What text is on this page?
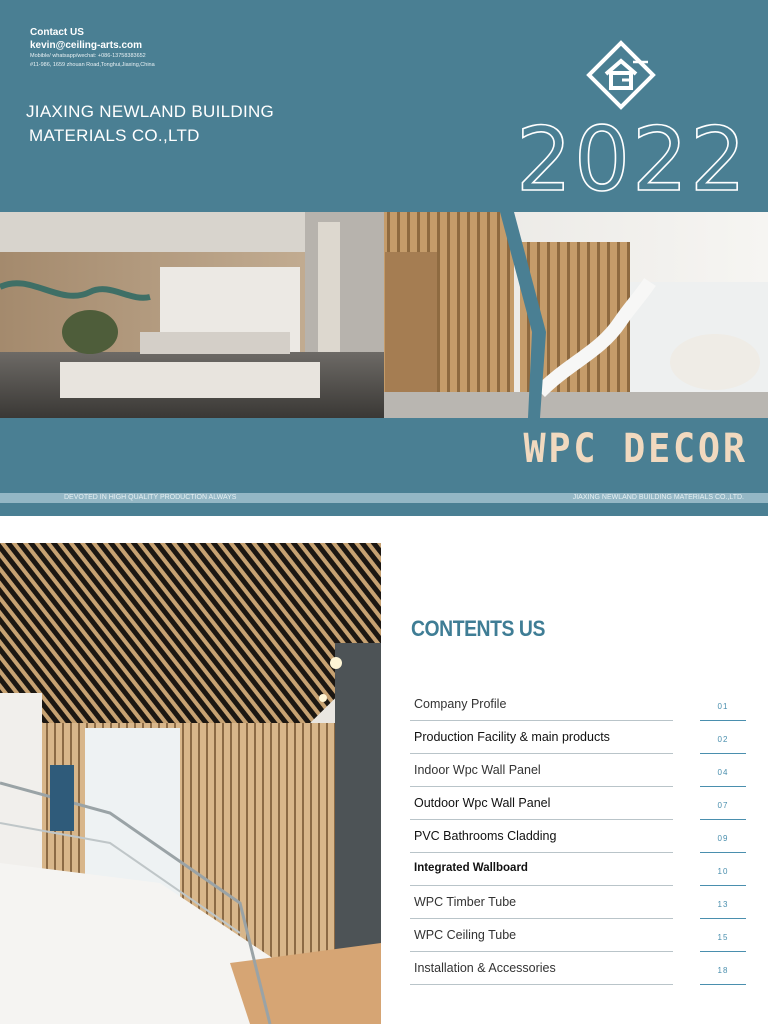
Contact US
kevin@ceiling-arts.com
Mobible/ whatsapp/wechat: +086-13758383652
#11-986, 1659 zhouan Road,Tonghui,Jiaxing,China
JIAXING NEWLAND BUILDING
MATERIALS CO.,LTD	2022
WPC DECOR
DEVOTED IN HIGH QUALITY PRODUCTION ALWAYS	JIAXING NEWLAND BUILDING MATERIALS CO.,LTD.
CONTENTS US
Company Profile	01
Production Facility & main products	02
Indoor Wpc Wall Panel	04
Outdoor Wpc Wall Panel	07
PVC Bathrooms Cladding	09
Integrated Wallboard	10
WPC Timber Tube	13
WPC Ceiling Tube	15
Installation & Accessories	18
